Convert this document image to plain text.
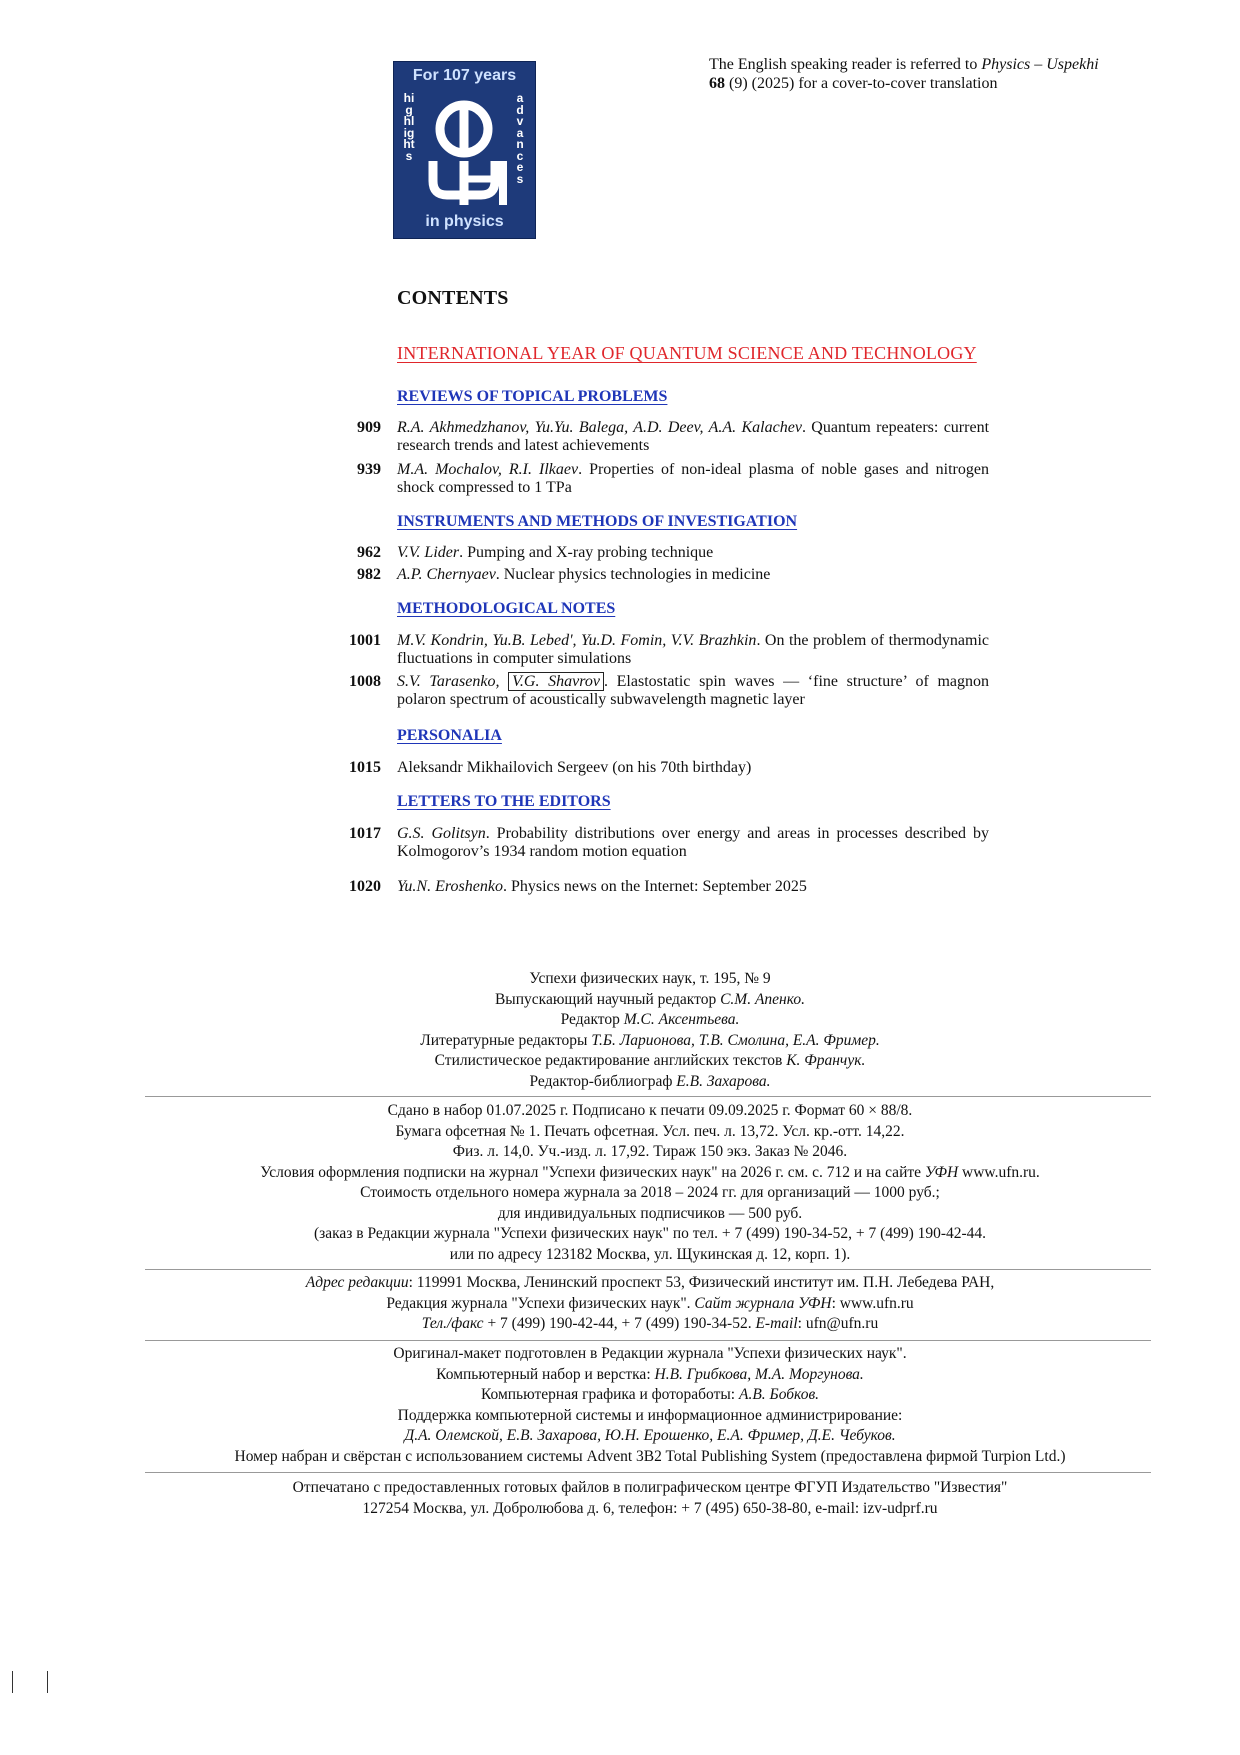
For 107 years
highlights
advances
in physics
The English speaking reader is referred to Physics – Uspekhi
68 (9) (2025) for a cover-to-cover translation
CONTENTS
INTERNATIONAL YEAR OF QUANTUM SCIENCE AND TECHNOLOGY
REVIEWS OF TOPICAL PROBLEMS
909 R.A. Akhmedzhanov, Yu.Yu. Balega, A.D. Deev, A.A. Kalachev. Quantum repeaters: current research trends and latest achievements
939 M.A. Mochalov, R.I. Ilkaev. Properties of non-ideal plasma of noble gases and nitrogen shock compressed to 1 TPa
INSTRUMENTS AND METHODS OF INVESTIGATION
962 V.V. Lider. Pumping and X-ray probing technique
982 A.P. Chernyaev. Nuclear physics technologies in medicine
METHODOLOGICAL NOTES
1001 M.V. Kondrin, Yu.B. Lebed', Yu.D. Fomin, V.V. Brazhkin. On the problem of thermodynamic fluctuations in computer simulations
1008 S.V. Tarasenko, V.G. Shavrov . Elastostatic spin waves — ‘fine structure’ of magnon polaron spectrum of acoustically subwavelength magnetic layer
PERSONALIA
1015 Aleksandr Mikhailovich Sergeev (on his 70th birthday)
LETTERS TO THE EDITORS
1017 G.S. Golitsyn. Probability distributions over energy and areas in processes described by Kolmogorov’s 1934 random motion equation
1020 Yu.N. Eroshenko. Physics news on the Internet: September 2025
Успехи физических наук, т. 195, № 9
Выпускающий научный редактор С.М. Апенко.
Редактор М.С. Аксентьева.
Литературные редакторы Т.Б. Ларионова, Т.В. Смолина, Е.А. Фример.
Стилистическое редактирование английских текстов К. Франчук.
Редактор-библиограф Е.В. Захарова.
Сдано в набор 01.07.2025 г. Подписано к печати 09.09.2025 г. Формат 60 × 88/8.
Бумага офсетная № 1. Печать офсетная. Усл. печ. л. 13,72. Усл. кр.-отт. 14,22.
Физ. л. 14,0. Уч.-изд. л. 17,92. Тираж 150 экз. Заказ № 2046.
Условия оформления подписки на журнал "Успехи физических наук" на 2026 г. см. с. 712 и на сайте УФН www.ufn.ru.
Стоимость отдельного номера журнала за 2018 – 2024 гг. для организаций — 1000 руб.;
для индивидуальных подписчиков — 500 руб.
(заказ в Редакции журнала "Успехи физических наук" по тел. + 7 (499) 190-34-52, + 7 (499) 190-42-44.
или по адресу 123182 Москва, ул. Щукинская д. 12, корп. 1).
Адрес редакции: 119991 Москва, Ленинский проспект 53, Физический институт им. П.Н. Лебедева РАН,
Редакция журнала "Успехи физических наук". Сайт журнала УФН: www.ufn.ru
Тел./факс + 7 (499) 190-42-44, + 7 (499) 190-34-52. E-mail: ufn@ufn.ru
Оригинал-макет подготовлен в Редакции журнала "Успехи физических наук".
Компьютерный набор и верстка: Н.В. Грибкова, М.А. Моргунова.
Компьютерная графика и фотоработы: А.В. Бобков.
Поддержка компьютерной системы и информационное администрирование:
Д.А. Олемской, Е.В. Захарова, Ю.Н. Ерошенко, Е.А. Фример, Д.Е. Чебуков.
Номер набран и свёрстан с использованием системы Advent 3B2 Total Publishing System (предоставлена фирмой Turpion Ltd.)
Отпечатано с предоставленных готовых файлов в полиграфическом центре ФГУП Издательство "Известия"
127254 Москва, ул. Добролюбова д. 6, телефон: + 7 (495) 650-38-80, e-mail: izv-udprf.ru
